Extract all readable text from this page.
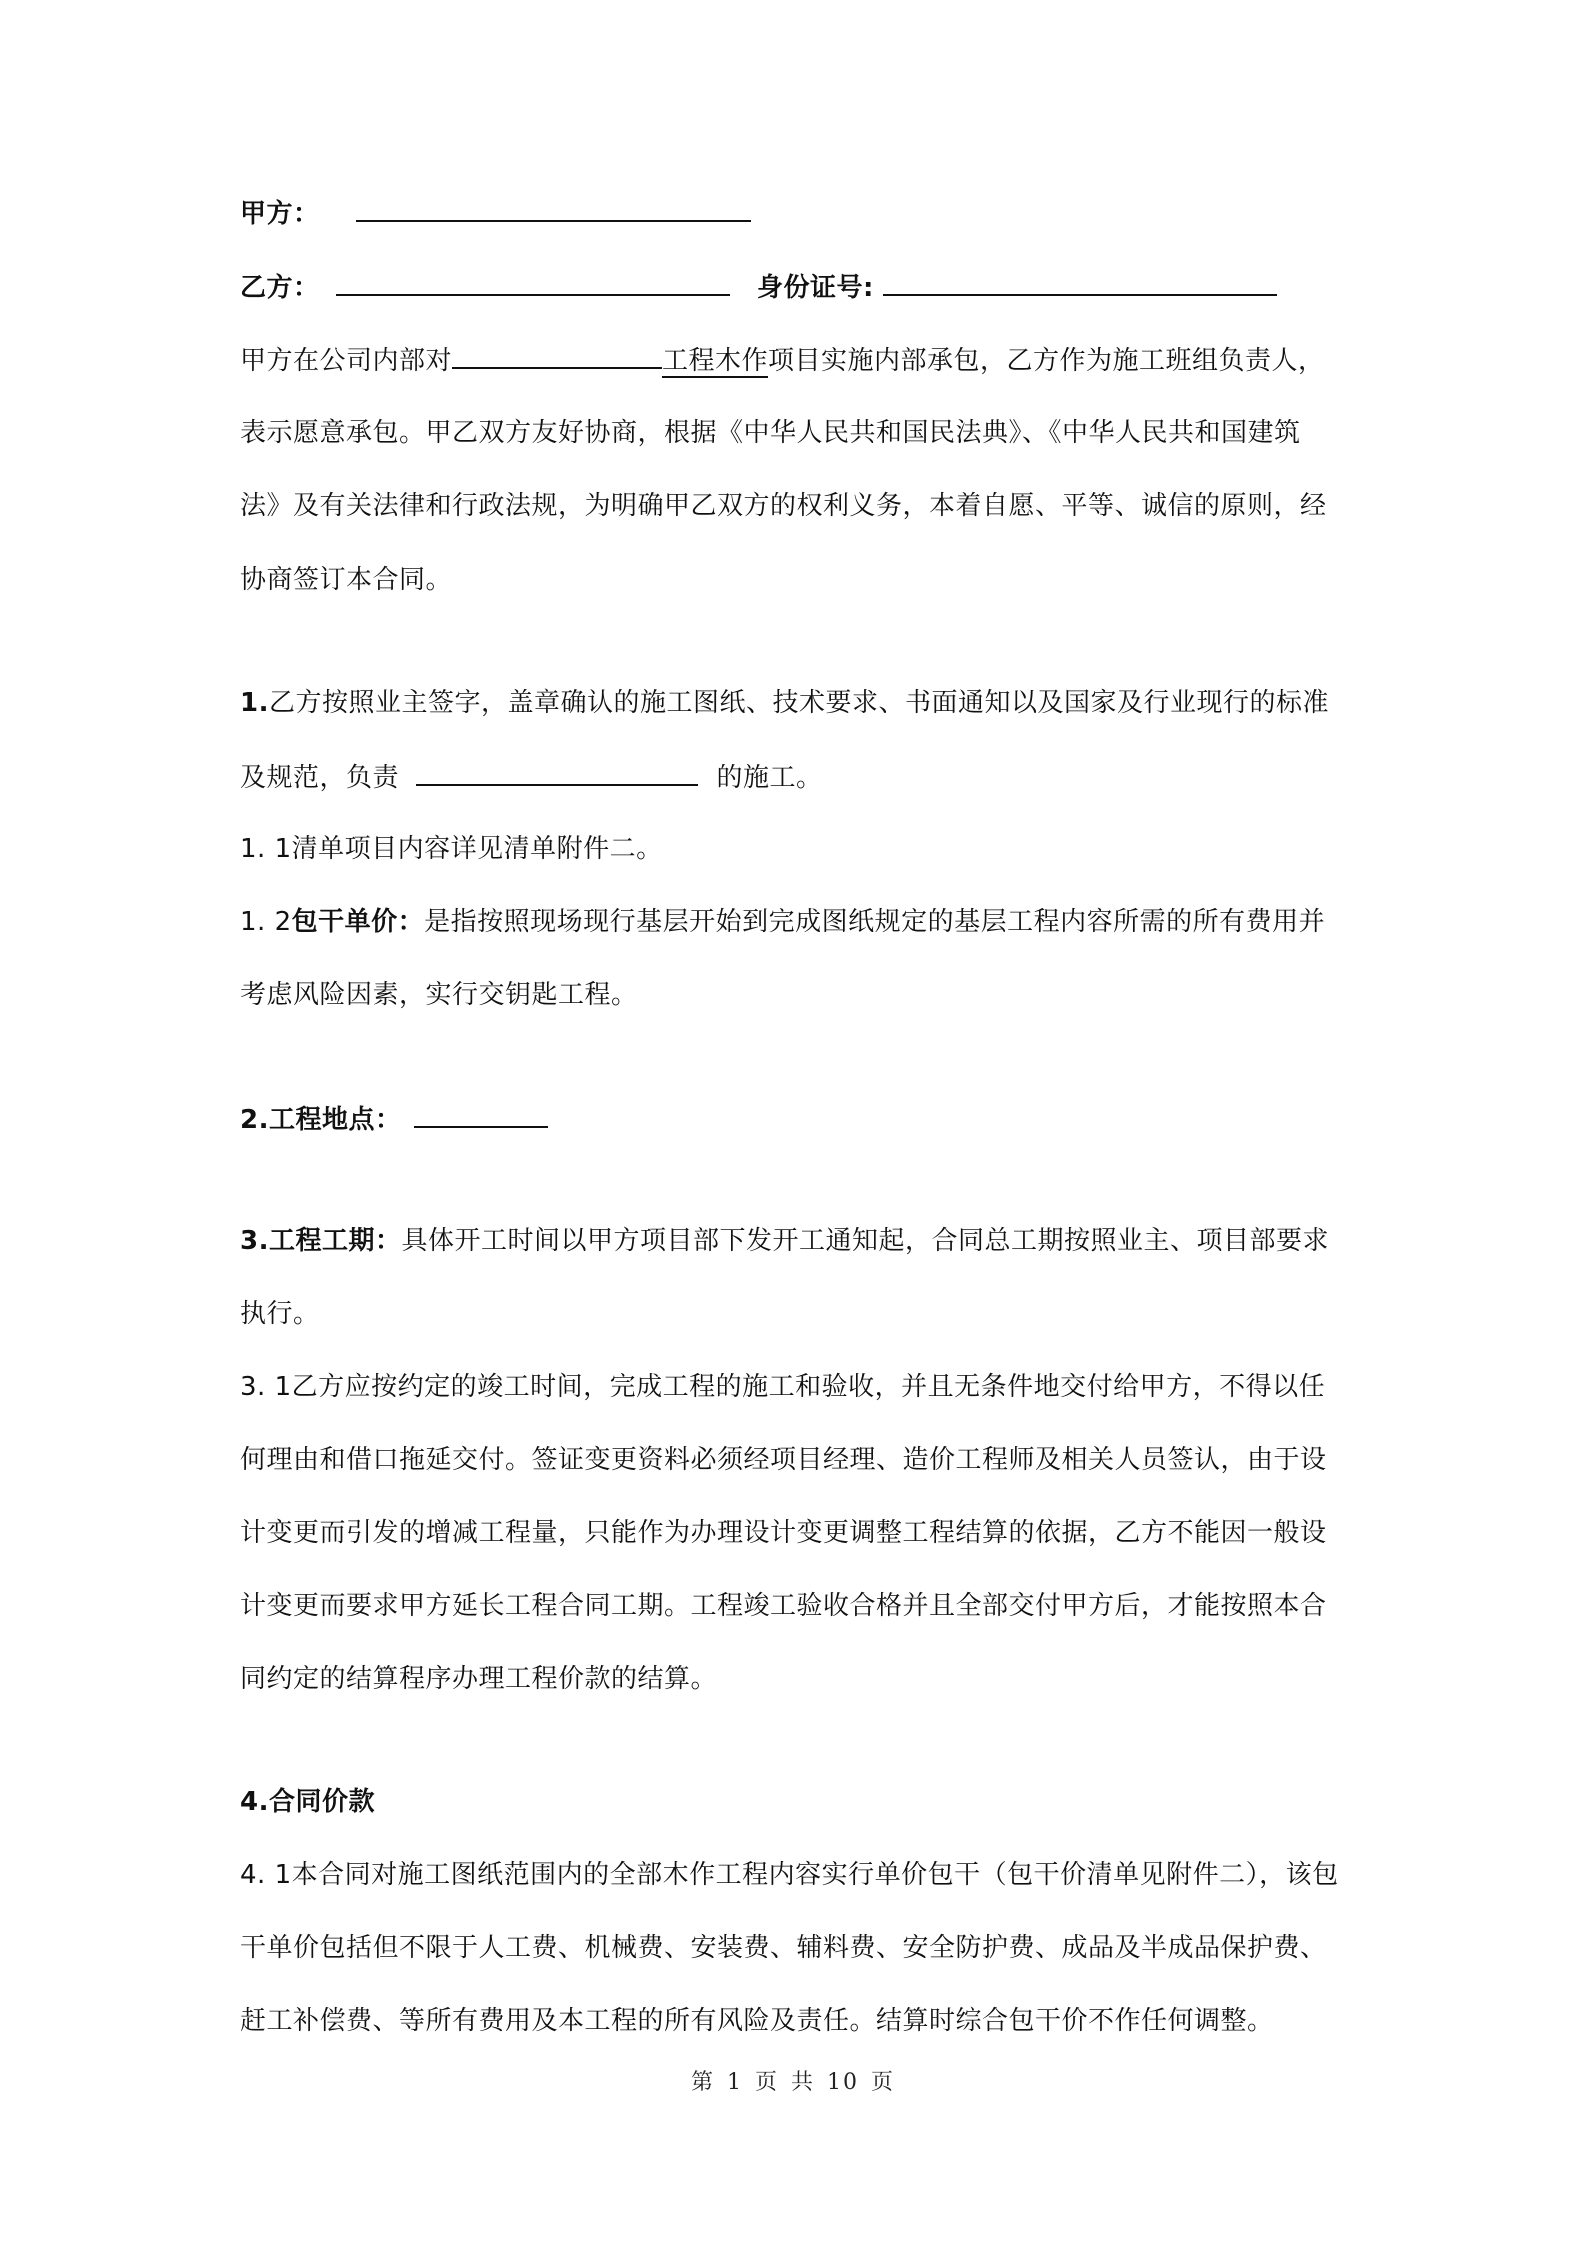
甲方：
乙方：	身份证号:
甲方在公司内部对	工程木作项目实施内部承包，乙方作为施工班组负责人，
表示愿意承包。甲乙双方友好协商，根据《中华人民共和国民法典》、《中华人民共和国建筑
法》及有关法律和行政法规，为明确甲乙双方的权利义务，本着自愿、平等、诚信的原则，经
协商签订本合同。
1.乙方按照业主签字，盖章确认的施工图纸、技术要求、书面通知以及国家及行业现行的标准
及规范，负责	的施工。
1. 1清单项目内容详见清单附件二。
1. 2包干单价：是指按照现场现行基层开始到完成图纸规定的基层工程内容所需的所有费用并
考虑风险因素，实行交钥匙工程。
2.工程地点：
3.工程工期：具体开工时间以甲方项目部下发开工通知起，合同总工期按照业主、项目部要求
执行。
3. 1乙方应按约定的竣工时间，完成工程的施工和验收，并且无条件地交付给甲方，不得以任
何理由和借口拖延交付。签证变更资料必须经项目经理、造价工程师及相关人员签认，由于设
计变更而引发的增减工程量，只能作为办理设计变更调整工程结算的依据，乙方不能因一般设
计变更而要求甲方延长工程合同工期。工程竣工验收合格并且全部交付甲方后，才能按照本合
同约定的结算程序办理工程价款的结算。
4.合同价款
4. 1本合同对施工图纸范围内的全部木作工程内容实行单价包干（包干价清单见附件二），该包
干单价包括但不限于人工费、机械费、安装费、辅料费、安全防护费、成品及半成品保护费、
赶工补偿费、等所有费用及本工程的所有风险及责任。结算时综合包干价不作任何调整。
第 1 页 共 10 页
